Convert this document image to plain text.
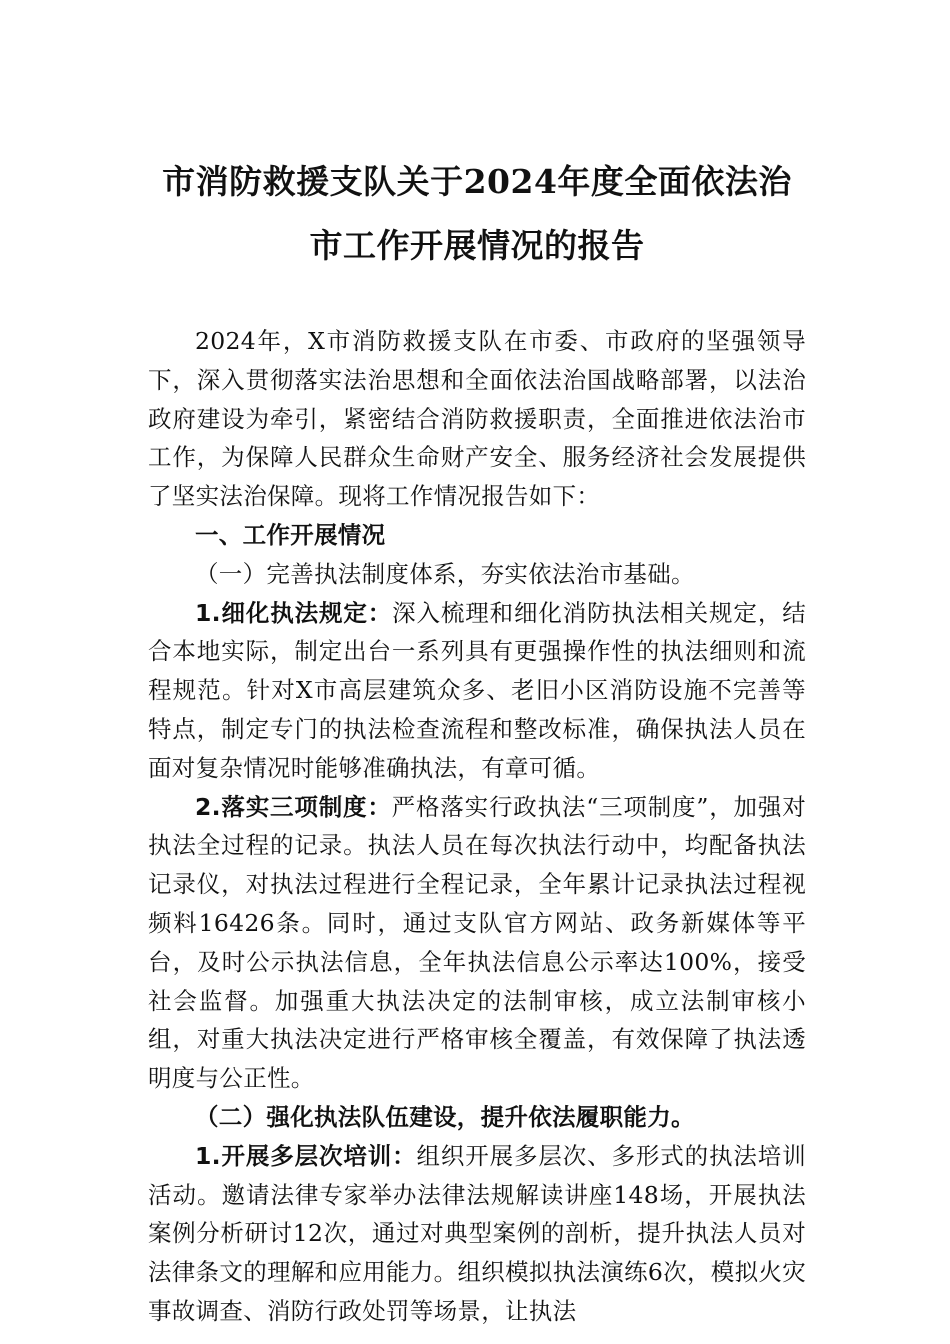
市消防救援支队关于2024年度全面依法治
市工作开展情况的报告

2024年，X市消防救援支队在市委、市政府的坚强领导下，深入贯彻落实法治思想和全面依法治国战略部署，以法治政府建设为牵引，紧密结合消防救援职责，全面推进依法治市工作，为保障人民群众生命财产安全、服务经济社会发展提供了坚实法治保障。现将工作情况报告如下：

一、工作开展情况

（一）完善执法制度体系，夯实依法治市基础。

1.细化执法规定：深入梳理和细化消防执法相关规定，结合本地实际，制定出台一系列具有更强操作性的执法细则和流程规范。针对X市高层建筑众多、老旧小区消防设施不完善等特点，制定专门的执法检查流程和整改标准，确保执法人员在面对复杂情况时能够准确执法，有章可循。

2.落实三项制度：严格落实行政执法“三项制度”，加强对执法全过程的记录。执法人员在每次执法行动中，均配备执法记录仪，对执法过程进行全程记录，全年累计记录执法过程视频料16426条。同时，通过支队官方网站、政务新媒体等平台，及时公示执法信息，全年执法信息公示率达100%，接受社会监督。加强重大执法决定的法制审核，成立法制审核小组，对重大执法决定进行严格审核全覆盖，有效保障了执法透明度与公正性。

（二）强化执法队伍建设，提升依法履职能力。

1.开展多层次培训：组织开展多层次、多形式的执法培训活动。邀请法律专家举办法律法规解读讲座148场，开展执法案例分析研讨12次，通过对典型案例的剖析，提升执法人员对法律条文的理解和应用能力。组织模拟执法演练6次，模拟火灾事故调查、消防行政处罚等场景，让执法
